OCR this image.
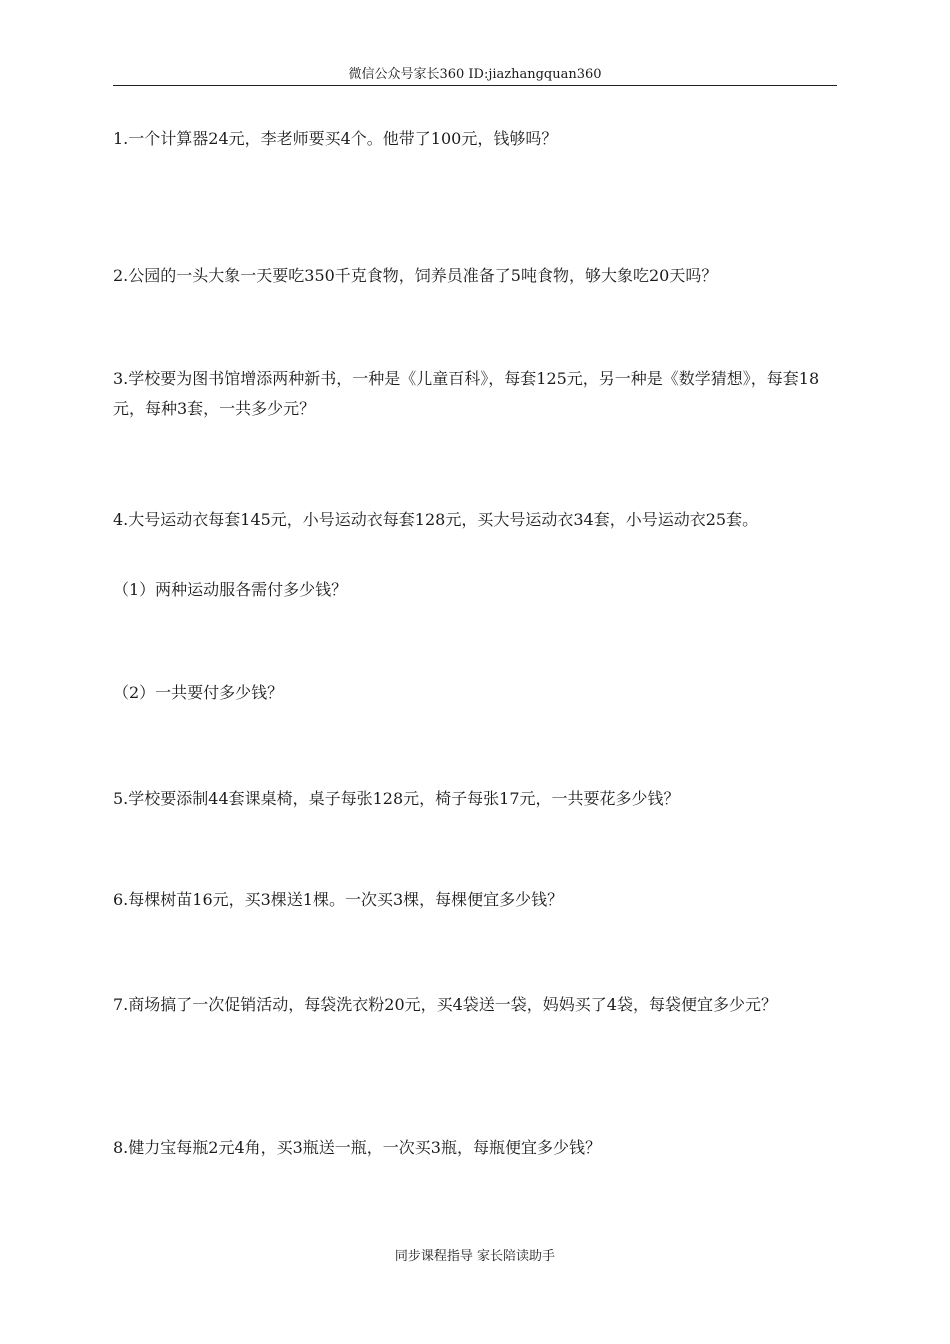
微信公众号家长360 ID:jiazhangquan360

1.一个计算器24元，李老师要买4个。他带了100元，钱够吗？

2.公园的一头大象一天要吃350千克食物，饲养员准备了5吨食物，够大象吃20天吗？

3.学校要为图书馆增添两种新书，一种是《儿童百科》，每套125元，另一种是《数学猜想》，每套18元，每种3套，一共多少元？

4.大号运动衣每套145元，小号运动衣每套128元，买大号运动衣34套，小号运动衣25套。

（1）两种运动服各需付多少钱？

（2）一共要付多少钱？

5.学校要添制44套课桌椅，桌子每张128元，椅子每张17元，一共要花多少钱？

6.每棵树苗16元，买3棵送1棵。一次买3棵，每棵便宜多少钱？

7.商场搞了一次促销活动，每袋洗衣粉20元，买4袋送一袋，妈妈买了4袋，每袋便宜多少元？

8.健力宝每瓶2元4角，买3瓶送一瓶，一次买3瓶，每瓶便宜多少钱？

同步课程指导 家长陪读助手
